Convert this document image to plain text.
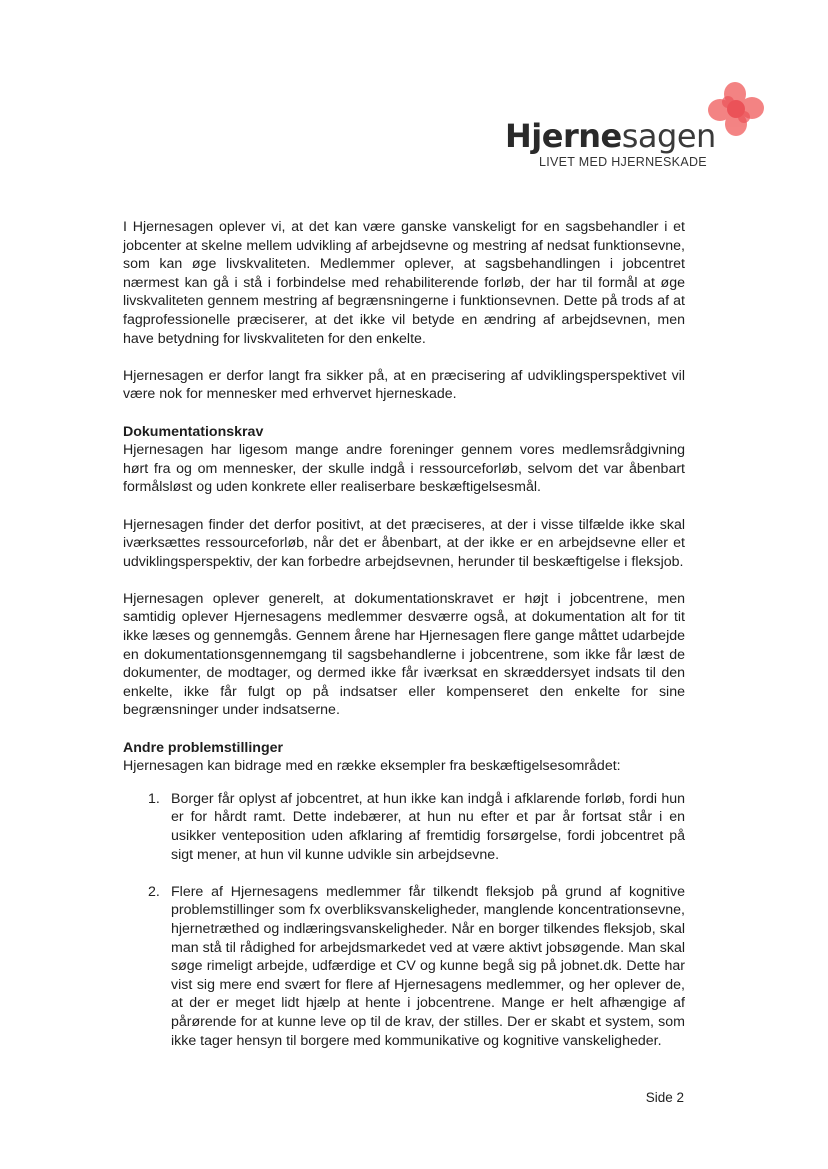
Hjernesagen
LIVET MED HJERNESKADE

I Hjernesagen oplever vi, at det kan være ganske vanskeligt for en sagsbehandler i et jobcenter at skelne mellem udvikling af arbejdsevne og mestring af nedsat funktionsevne, som kan øge livskvaliteten. Medlemmer oplever, at sagsbehandlingen i jobcentret nærmest kan gå i stå i forbindelse med rehabiliterende forløb, der har til formål at øge livskvaliteten gennem mestring af begrænsningerne i funktionsevnen. Dette på trods af at fagprofessionelle præciserer, at det ikke vil betyde en ændring af arbejdsevnen, men have betydning for livskvaliteten for den enkelte.

Hjernesagen er derfor langt fra sikker på, at en præcisering af udviklingsperspektivet vil være nok for mennesker med erhvervet hjerneskade.

Dokumentationskrav

Hjernesagen har ligesom mange andre foreninger gennem vores medlemsrådgivning hørt fra og om mennesker, der skulle indgå i ressourceforløb, selvom det var åbenbart formålsløst og uden konkrete eller realiserbare beskæftigelsesmål.

Hjernesagen finder det derfor positivt, at det præciseres, at der i visse tilfælde ikke skal iværksættes ressourceforløb, når det er åbenbart, at der ikke er en arbejdsevne eller et udviklingsperspektiv, der kan forbedre arbejdsevnen, herunder til beskæftigelse i fleksjob.

Hjernesagen oplever generelt, at dokumentationskravet er højt i jobcentrene, men samtidig oplever Hjernesagens medlemmer desværre også, at dokumentation alt for tit ikke læses og gennemgås. Gennem årene har Hjernesagen flere gange måttet udarbejde en dokumentationsgennemgang til sagsbehandlerne i jobcentrene, som ikke får læst de dokumenter, de modtager, og dermed ikke får iværksat en skræddersyet indsats til den enkelte, ikke får fulgt op på indsatser eller kompenseret den enkelte for sine begrænsninger under indsatserne.

Andre problemstillinger
Hjernesagen kan bidrage med en række eksempler fra beskæftigelsesområdet:
1. Borger får oplyst af jobcentret, at hun ikke kan indgå i afklarende forløb, fordi hun er for hårdt ramt. Dette indebærer, at hun nu efter et par år fortsat står i en usikker venteposition uden afklaring af fremtidig forsørgelse, fordi jobcentret på sigt mener, at hun vil kunne udvikle sin arbejdsevne.
2. Flere af Hjernesagens medlemmer får tilkendt fleksjob på grund af kognitive problemstillinger som fx overbliksvanskeligheder, manglende koncentrationsevne, hjernetræthed og indlæringsvanskeligheder. Når en borger tilkendes fleksjob, skal man stå til rådighed for arbejdsmarkedet ved at være aktivt jobsøgende. Man skal søge rimeligt arbejde, udfærdige et CV og kunne begå sig på jobnet.dk. Dette har vist sig mere end svært for flere af Hjernesagens medlemmer, og her oplever de, at der er meget lidt hjælp at hente i jobcentrene. Mange er helt afhængige af pårørende for at kunne leve op til de krav, der stilles. Der er skabt et system, som ikke tager hensyn til borgere med kommunikative og kognitive vanskeligheder.
Side 2
